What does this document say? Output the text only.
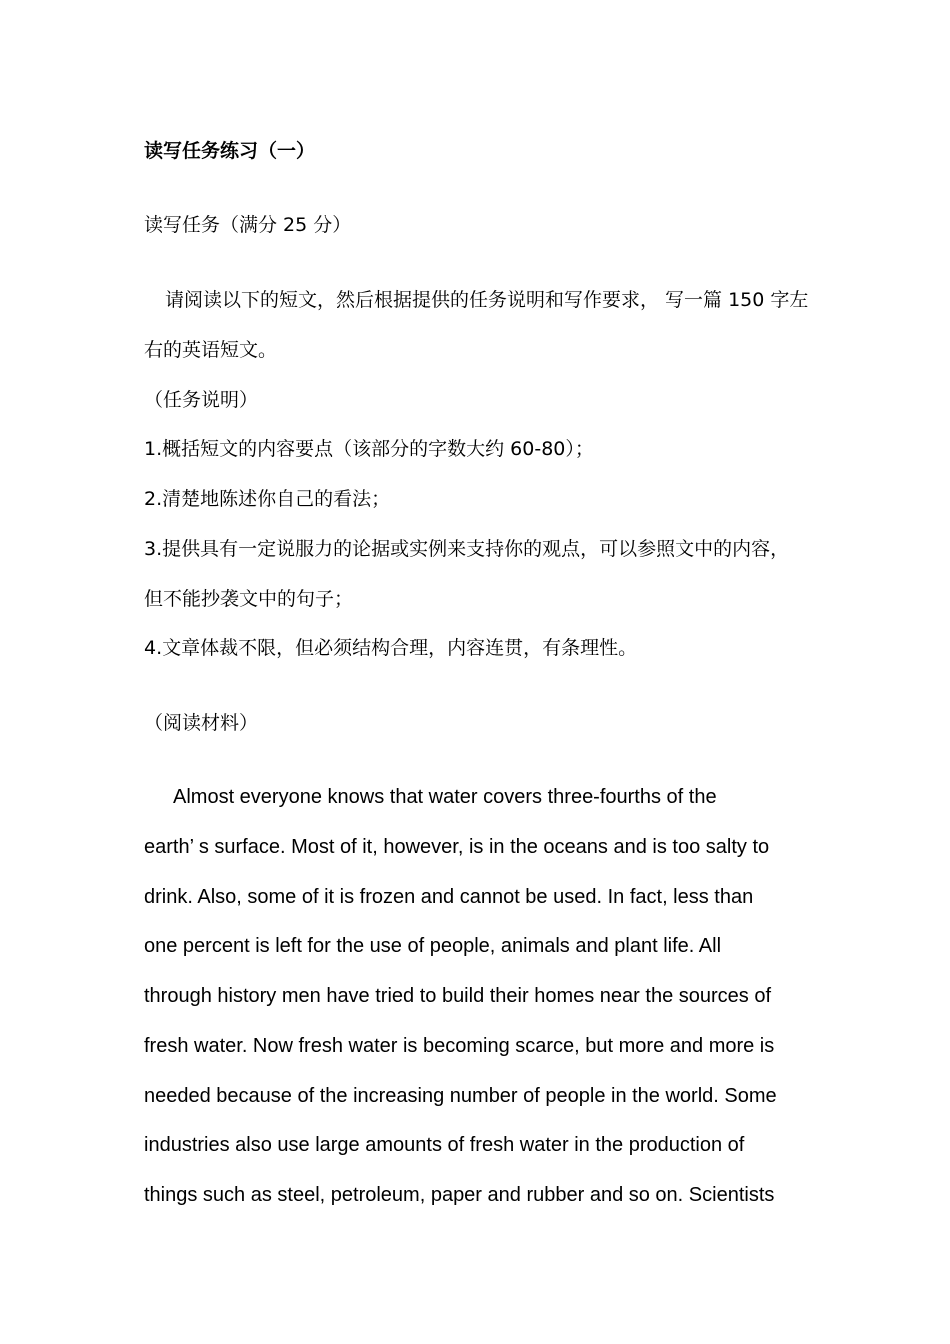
读写任务练习（一）
读写任务（满分 25 分）
请阅读以下的短文，然后根据提供的任务说明和写作要求， 写一篇 150 字左
右的英语短文。
（任务说明）
1.概括短文的内容要点（该部分的字数大约 60-80）；
2.清楚地陈述你自己的看法；
3.提供具有一定说服力的论据或实例来支持你的观点，可以参照文中的内容，
但不能抄袭文中的句子；
4.文章体裁不限，但必须结构合理，内容连贯，有条理性。
（阅读材料）
Almost everyone knows that water covers three-fourths of the
earth’ s surface. Most of it, however, is in the oceans and is too salty to
drink. Also, some of it is frozen and cannot be used. In fact, less than
one percent is left for the use of people, animals and plant life. All
through history men have tried to build their homes near the sources of
fresh water. Now fresh water is becoming scarce, but more and more is
needed because of the increasing number of people in the world. Some
industries also use large amounts of fresh water in the production of
things such as steel, petroleum, paper and rubber and so on. Scientists
